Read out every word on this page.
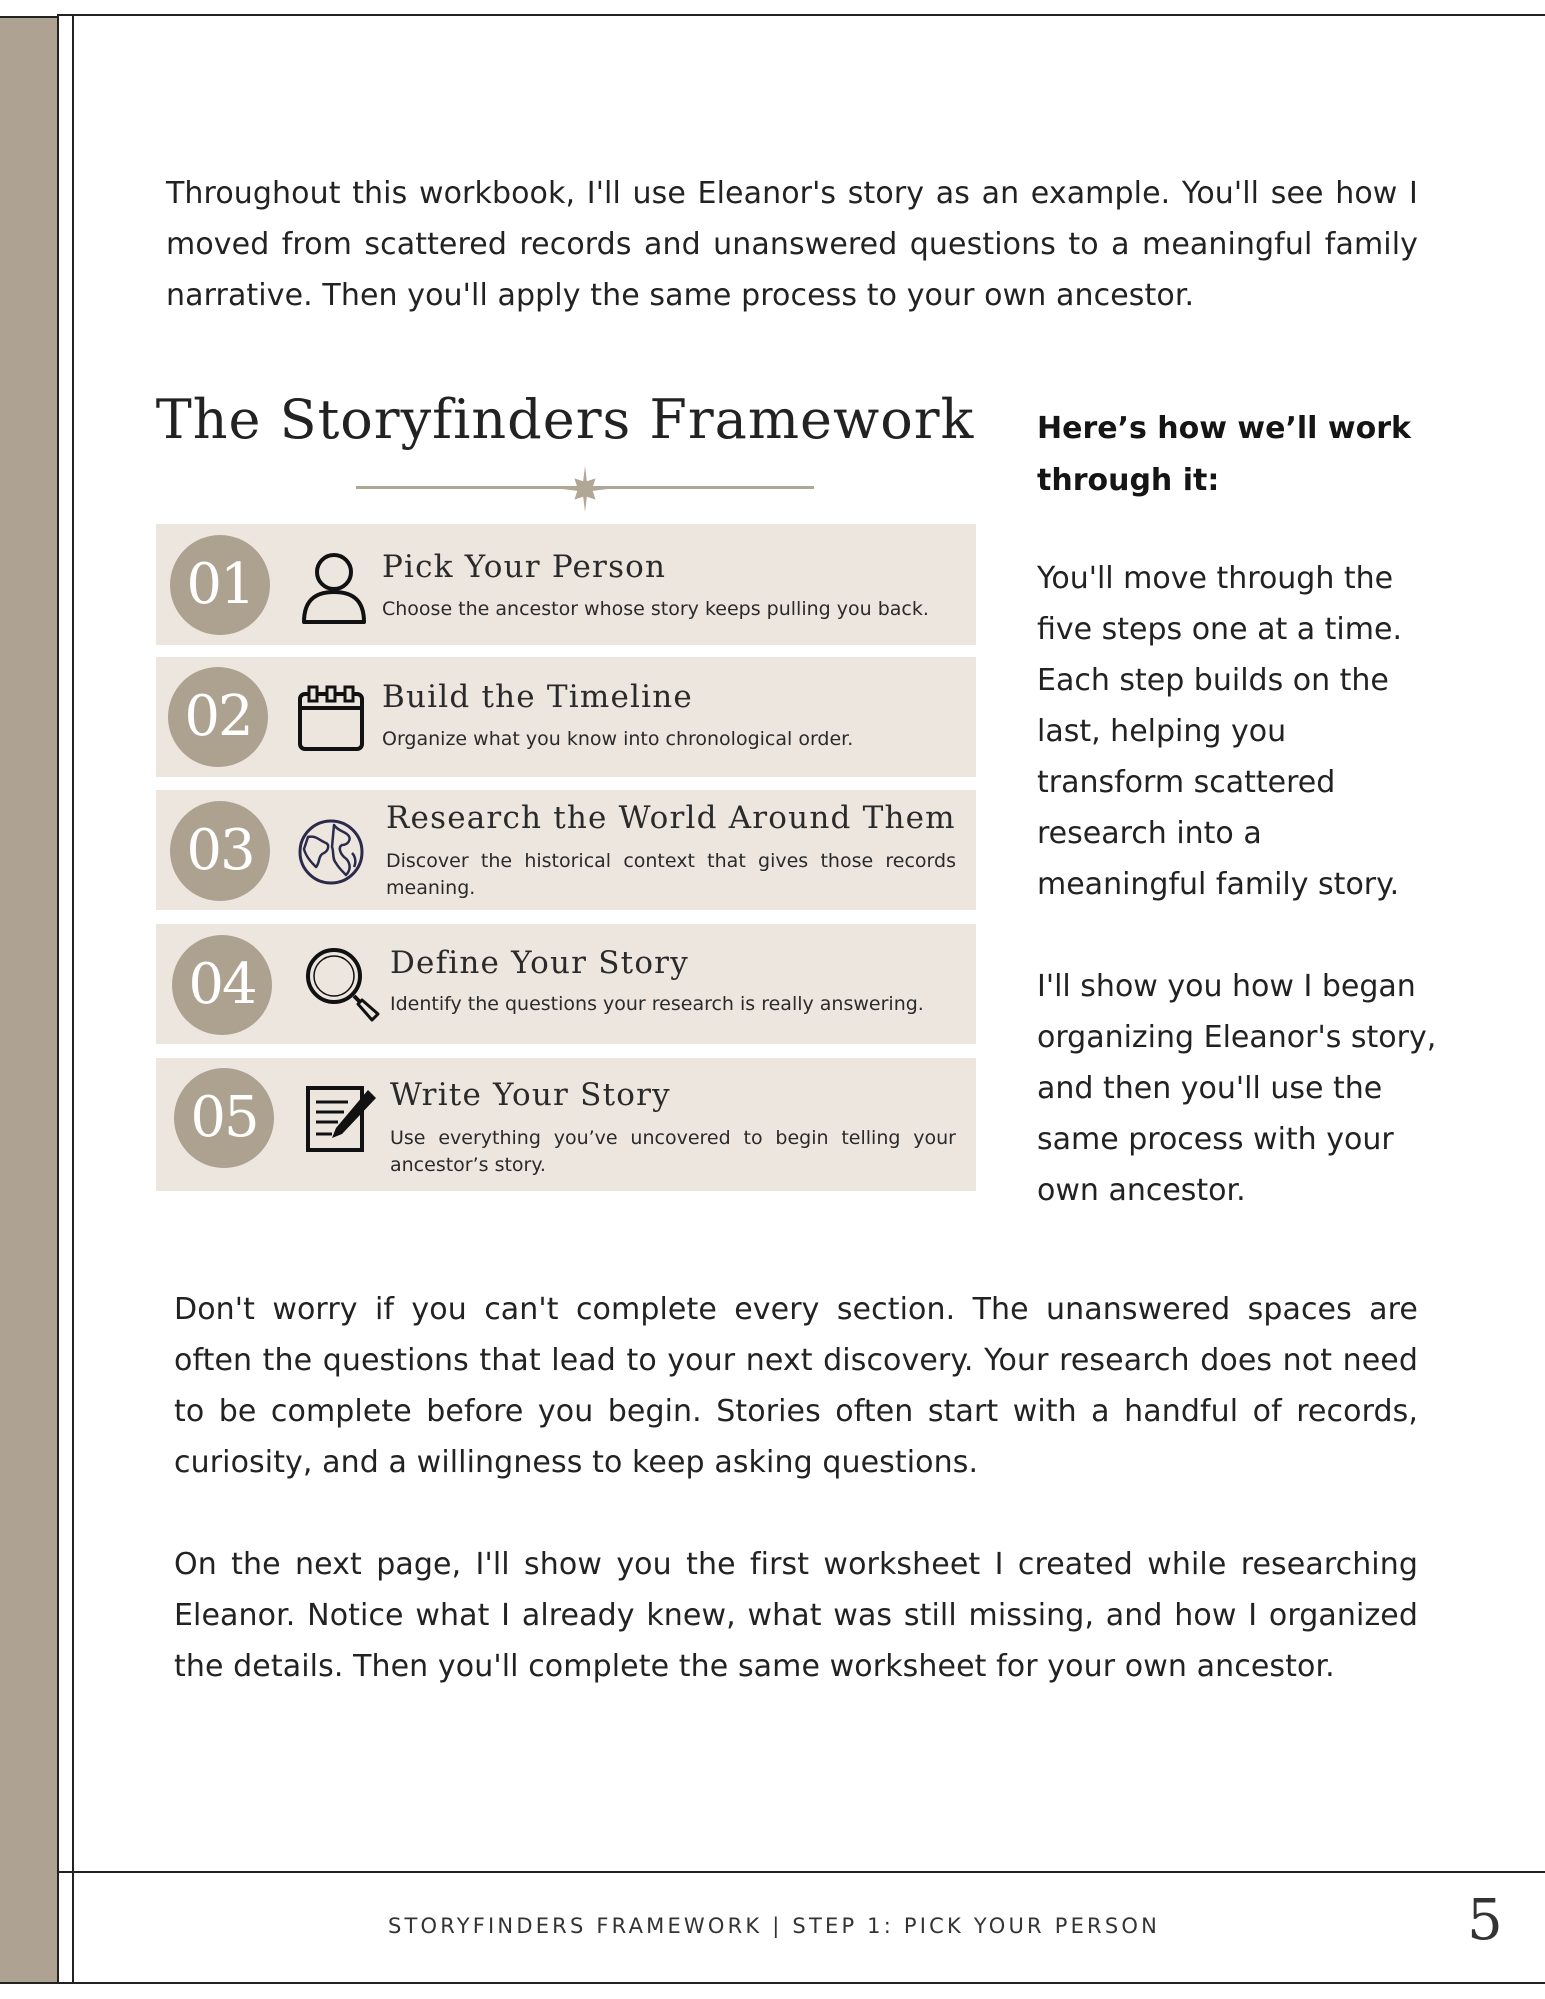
Throughout this workbook, I'll use Eleanor's story as an example. You'll see how I moved from scattered records and unanswered questions to a meaningful family narrative. Then you'll apply the same process to your own ancestor.

The Storyfinders Framework
01	Pick Your Person
Choose the ancestor whose story keeps pulling you back.
02	Build the Timeline
Organize what you know into chronological order.
03	Research the World Around Them
Discover the historical context that gives those records meaning.
04	Define Your Story
Identify the questions your research is really answering.
05	Write Your Story
Use everything you’ve uncovered to begin telling your ancestor’s story.
Here’s how we’ll work through it:

You'll move through the five steps one at a time. Each step builds on the last, helping you transform scattered research into a meaningful family story.

I'll show you how I began organizing Eleanor's story, and then you'll use the same process with your own ancestor.

Don't worry if you can't complete every section. The unanswered spaces are often the questions that lead to your next discovery. Your research does not need to be complete before you begin. Stories often start with a handful of records, curiosity, and a willingness to keep asking questions.

On the next page, I'll show you the first worksheet I created while researching Eleanor. Notice what I already knew, what was still missing, and how I organized the details. Then you'll complete the same worksheet for your own ancestor.

STORYFINDERS FRAMEWORK | STEP 1: PICK YOUR PERSON	5
